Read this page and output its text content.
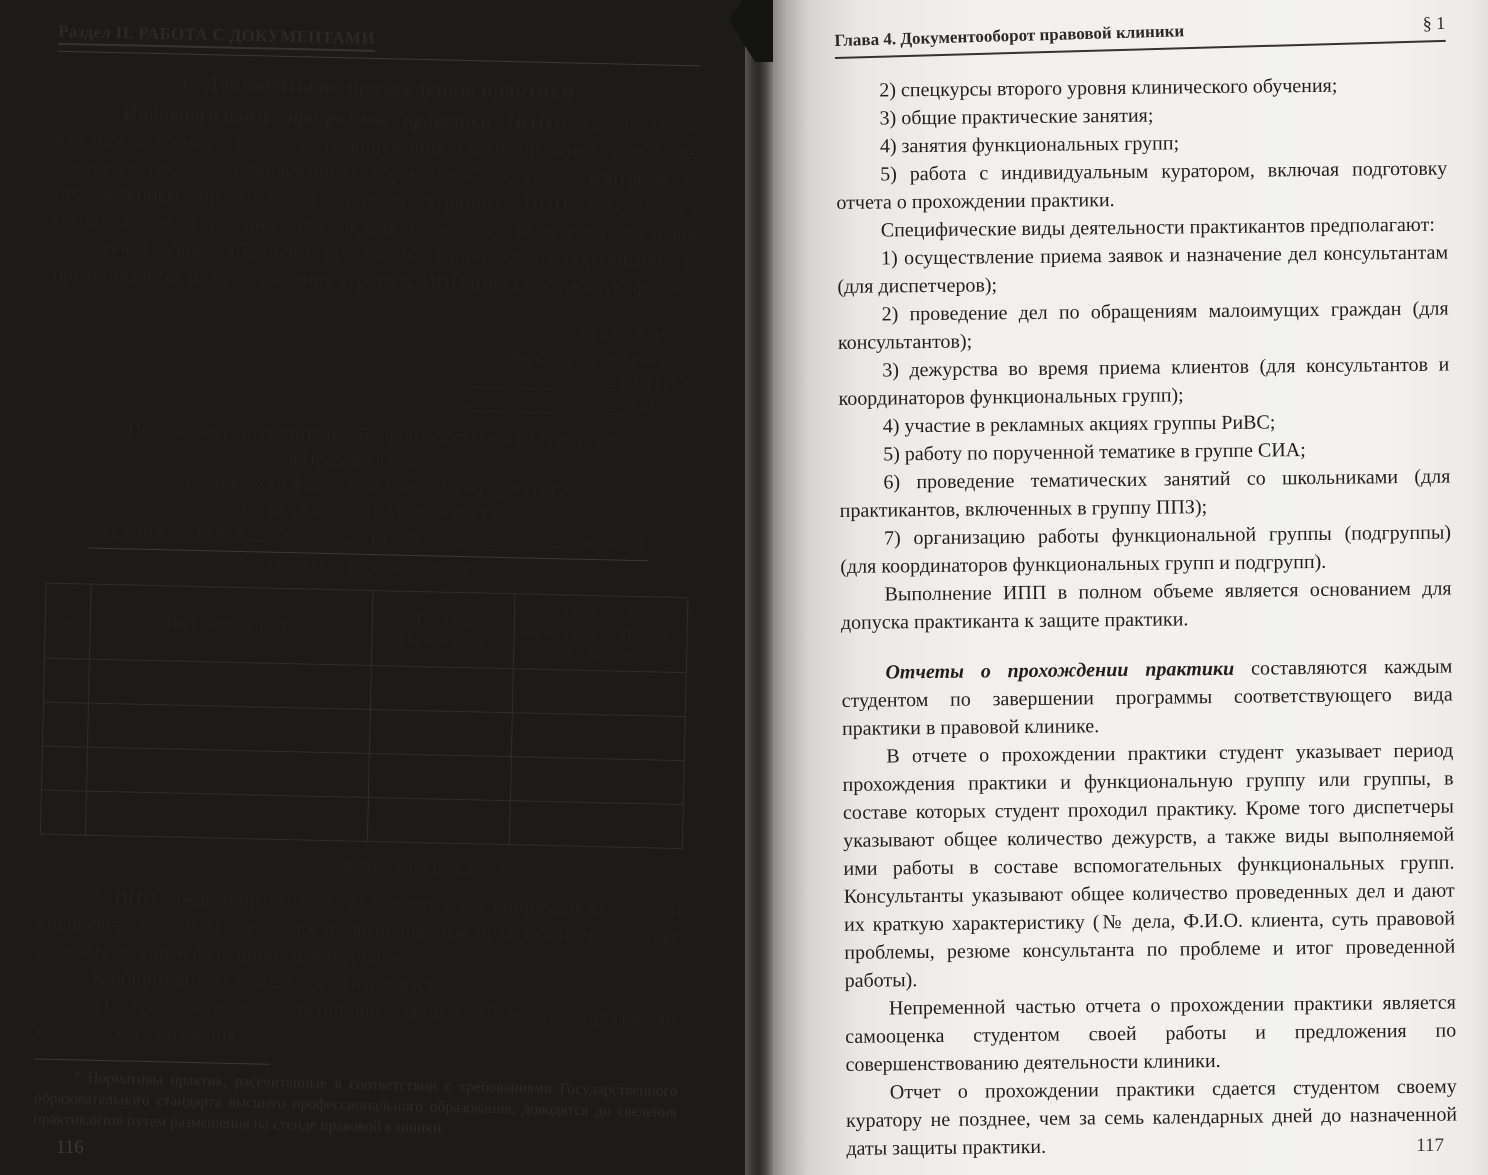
Раздел II. РАБОТА С ДОКУМЕНТАМИ
6. Документы по прохождению практики

Индивидуальные программы практики (ИПП) составляются каждым студентом с целью планирования своей практики в объеме, соответствующем установленным нормативам⁷, а также контроля за прохождением практики со стороны куратора. ИПП оформляется практикантом в течение двух недель с момента окончания изучения дисциплин общей (базовой) программы клинического образования и представляется для утверждения куратору. ИПП имеет следующую форму.

УТВЕРЖДАЮ
Куратор практиканта
_________________(Ф.И.О.)
«___»_________________200__ г.
Программа (ознакомительной, производственной) практики
в Правовой клинике
юридического факультета Санкт-Петербургского
государственного университета
студента ___курса ___потока ___группы ______________отделения
(фамилия, имя, отчество)
№	Вид деятельности	Период выполнения	Отметка о выполнении / подпись куратора

Подпись практиканта

В ИПП каждого практиканта включаются как общие для всех, так и специфические виды деятельности, выполняемые практикантом в составе соответствующей функциональной группы.

К общим видам деятельности относятся:

1) прослушивание дисциплин общей (базовой) программы клинического обучения;

⁷ Нормативы практик, рассчитанные в соответствии с требованиями Государственного образовательного стандарта высшего профессионального образования, доводятся до сведения практикантов путем размещения на стенде правовой клиники.

116
Глава 4. Документооборот правовой клиники	§ 1

2) спецкурсы второго уровня клинического обучения;

3) общие практические занятия;

4) занятия функциональных групп;

5) работа с индивидуальным куратором, включая подготовку отчета о прохождении практики.

Специфические виды деятельности практикантов предполагают:

1) осуществление приема заявок и назначение дел консультантам (для диспетчеров);

2) проведение дел по обращениям малоимущих граждан (для консультантов);

3) дежурства во время приема клиентов (для консультантов и координаторов функциональных групп);

4) участие в рекламных акциях группы РиВС;

5) работу по порученной тематике в группе СИА;

6) проведение тематических занятий со школьниками (для практикантов, включенных в группу ППЗ);

7) организацию работы функциональной группы (подгруппы) (для координаторов функциональных групп и подгрупп).

Выполнение ИПП в полном объеме является основанием для допуска практиканта к защите практики.

Отчеты о прохождении практики составляются каждым студентом по завершении программы соответствующего вида практики в правовой клинике.

В отчете о прохождении практики студент указывает период прохождения практики и функциональную группу или группы, в составе которых студент проходил практику. Кроме того диспетчеры указывают общее количество дежурств, а также виды выполняемой ими работы в составе вспомогательных функциональных групп. Консультанты указывают общее количество проведенных дел и дают их краткую характеристику (№ дела, Ф.И.О. клиента, суть правовой проблемы, резюме консультанта по проблеме и итог проведенной работы).

Непременной частью отчета о прохождении практики является самооценка студентом своей работы и предложения по совершенствованию деятельности клиники.

Отчет о прохождении практики сдается студентом своему куратору не позднее, чем за семь календарных дней до назначенной даты защиты практики.	117
